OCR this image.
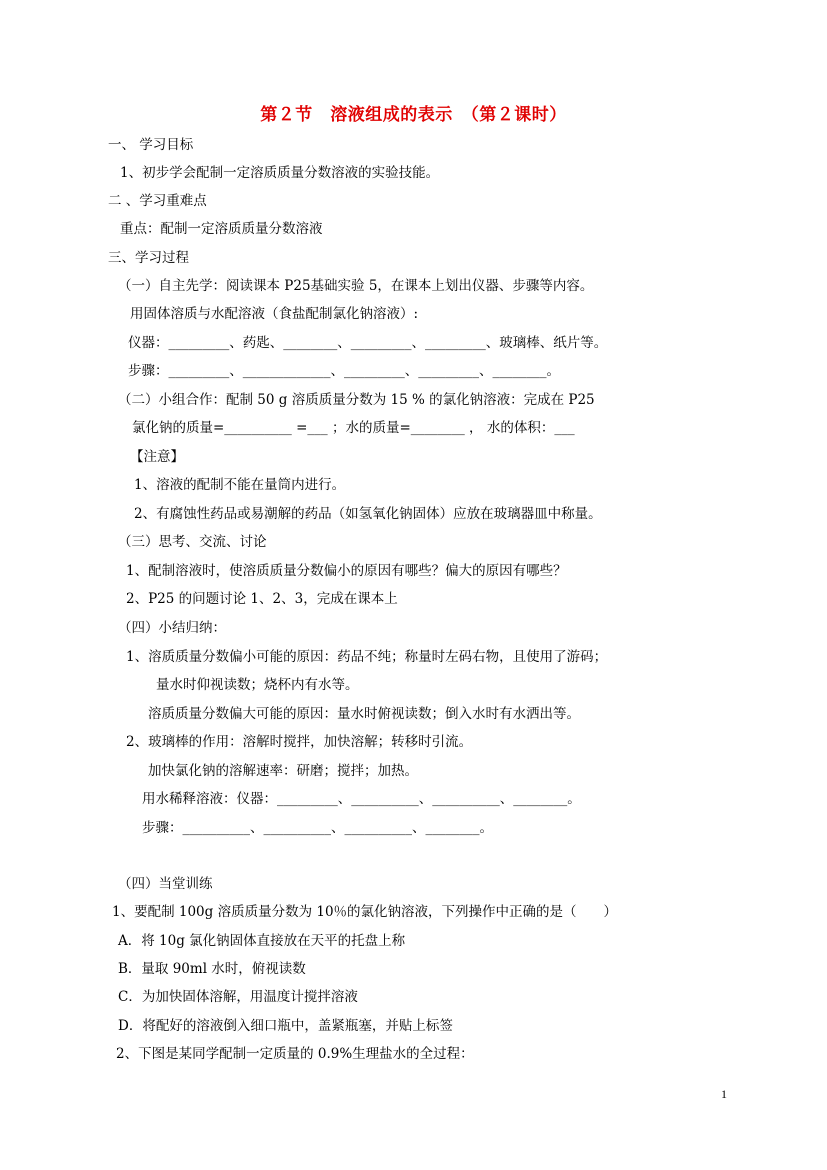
第２节　溶液组成的表示　（第２课时）
一、 学习目标
1、初步学会配制一定溶质质量分数溶液的实验技能。
二 、学习重难点
重点：配制一定溶质质量分数溶液
三、学习过程
（一）自主先学：阅读课本 P25基础实验 5，在课本上划出仪器、步骤等内容。
用固体溶质与水配溶液（食盐配制氯化钠溶液）:
仪器：_________、药匙、________、_________、_________、玻璃棒、纸片等。
步骤：_________、_____________、_________、_________、________。
（二）小组合作：配制 50 g 溶质质量分数为 15 % 的氯化钠溶液：完成在 P25
氯化钠的质量=__________ =___ ；水的质量=________ ， 水的体积：___
【注意】
1、溶液的配制不能在量筒内进行。
2、有腐蚀性药品或易潮解的药品（如氢氧化钠固体）应放在玻璃器皿中称量。
（三）思考、交流、讨论
1、配制溶液时，使溶质质量分数偏小的原因有哪些？偏大的原因有哪些？
2、P25 的问题讨论 1、2、3，完成在课本上
（四）小结归纳：
1、溶质质量分数偏小可能的原因：药品不纯；称量时左码右物，且使用了游码；
量水时仰视读数；烧杯内有水等。
溶质质量分数偏大可能的原因：量水时俯视读数；倒入水时有水洒出等。
2、玻璃棒的作用：溶解时搅拌，加快溶解；转移时引流。
加快氯化钠的溶解速率：研磨；搅拌；加热。
用水稀释溶液：仪器：_________、__________、__________、________。
步骤：__________、__________、__________、________。
（四）当堂训练
1、要配制 100g 溶质质量分数为 10％的氯化钠溶液，下列操作中正确的是（　　）
A．将 10g 氯化钠固体直接放在天平的托盘上称
B．量取 90ml 水时，俯视读数
C．为加快固体溶解，用温度计搅拌溶液
D．将配好的溶液倒入细口瓶中，盖紧瓶塞，并贴上标签
2、下图是某同学配制一定质量的 0.9%生理盐水的全过程：
1
